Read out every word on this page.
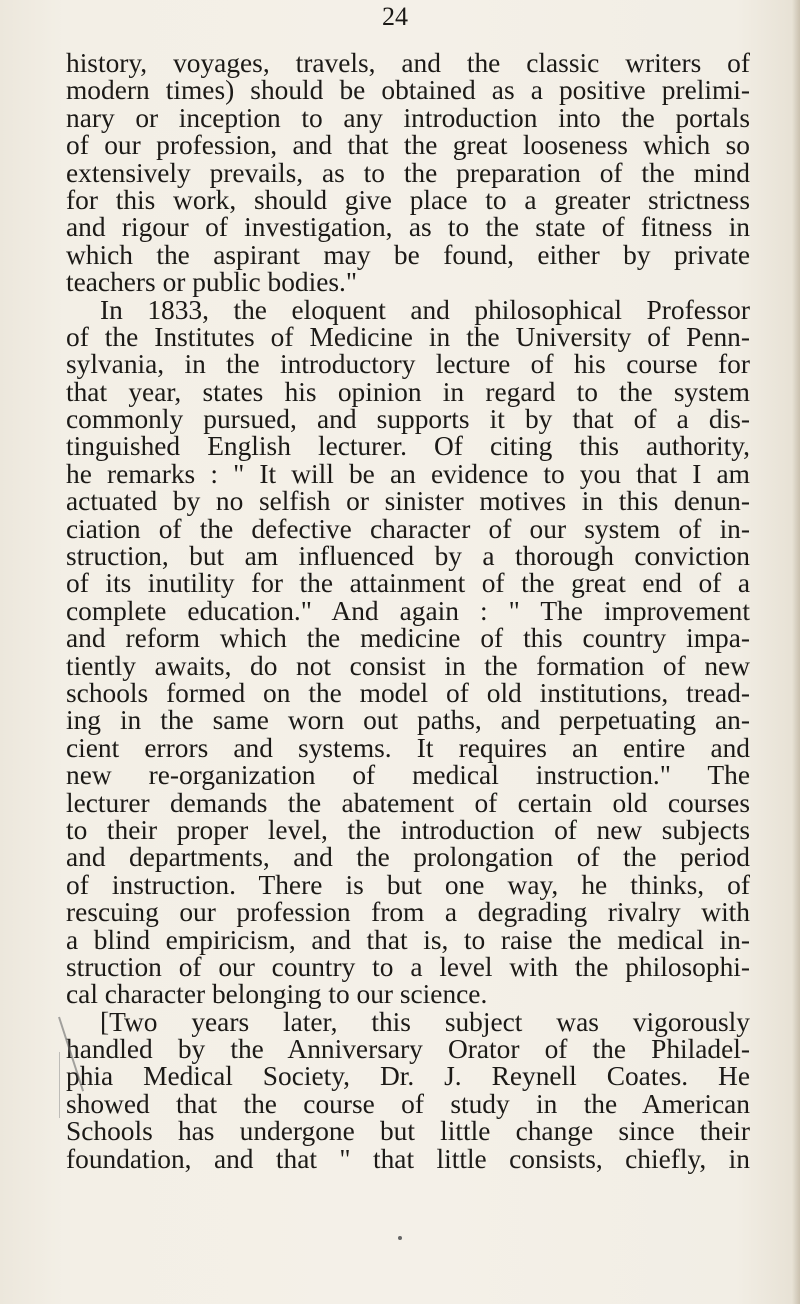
24
history, voyages, travels, and the classic writers of
modern times) should be obtained as a positive prelimi-
nary or inception to any introduction into the portals
of our profession, and that the great looseness which so
extensively prevails, as to the preparation of the mind
for this work, should give place to a greater strictness
and rigour of investigation, as to the state of fitness in
which the aspirant may be found, either by private
teachers or public bodies."
In 1833, the eloquent and philosophical Professor
of the Institutes of Medicine in the University of Penn-
sylvania, in the introductory lecture of his course for
that year, states his opinion in regard to the system
commonly pursued, and supports it by that of a dis-
tinguished English lecturer. Of citing this authority,
he remarks : " It will be an evidence to you that I am
actuated by no selfish or sinister motives in this denun-
ciation of the defective character of our system of in-
struction, but am influenced by a thorough conviction
of its inutility for the attainment of the great end of a
complete education." And again : " The improvement
and reform which the medicine of this country impa-
tiently awaits, do not consist in the formation of new
schools formed on the model of old institutions, tread-
ing in the same worn out paths, and perpetuating an-
cient errors and systems. It requires an entire and
new re-organization of medical instruction." The
lecturer demands the abatement of certain old courses
to their proper level, the introduction of new subjects
and departments, and the prolongation of the period
of instruction. There is but one way, he thinks, of
rescuing our profession from a degrading rivalry with
a blind empiricism, and that is, to raise the medical in-
struction of our country to a level with the philosophi-
cal character belonging to our science.
[Two years later, this subject was vigorously
handled by the Anniversary Orator of the Philadel-
phia Medical Society, Dr. J. Reynell Coates. He
showed that the course of study in the American
Schools has undergone but little change since their
foundation, and that " that little consists, chiefly, in
